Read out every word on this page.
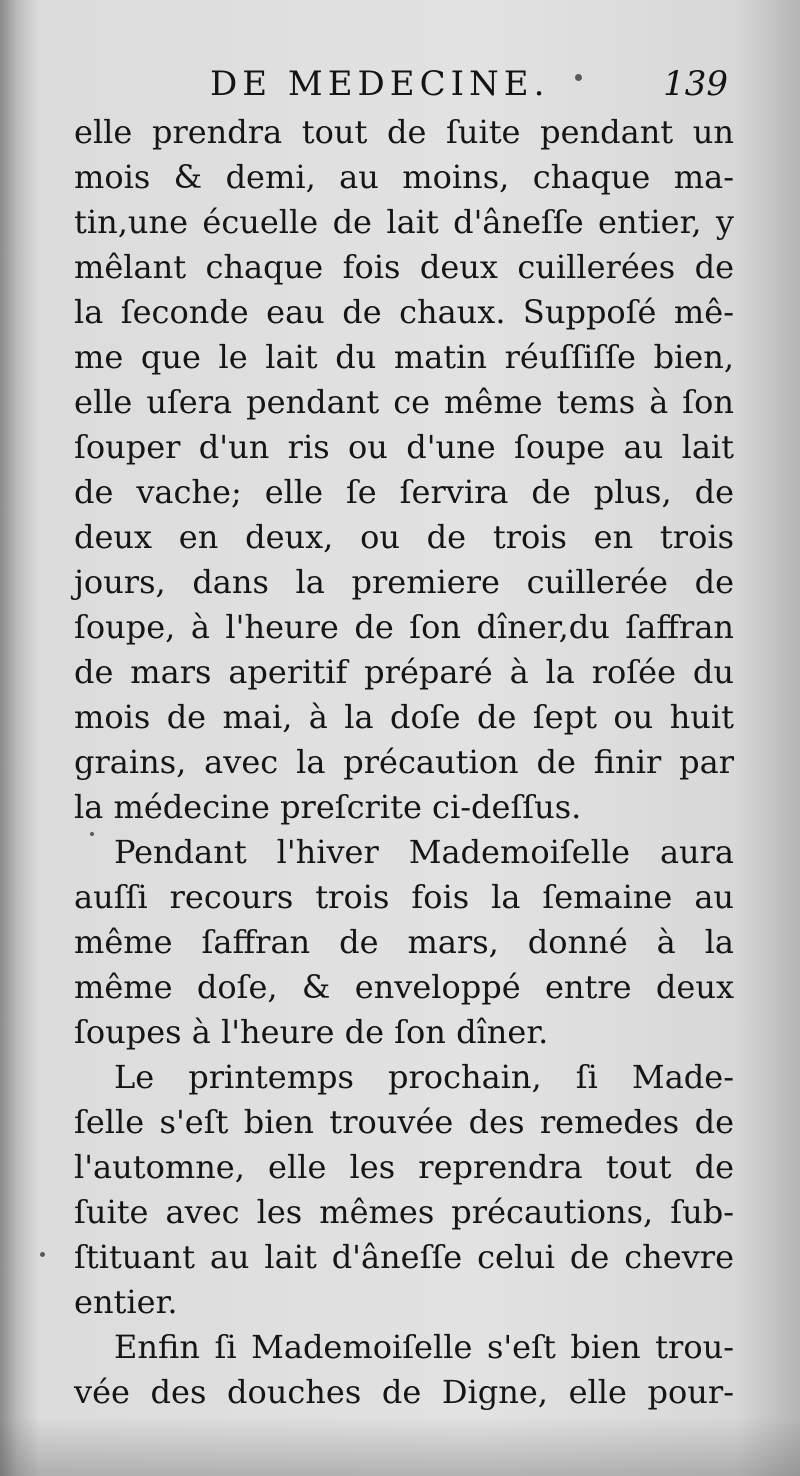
DE MEDECINE.	139
elle prendra tout de ſuite pendant un
mois & demi, au moins, chaque ma-
tin,une écuelle de lait d'âneſſe entier, y
mêlant chaque fois deux cuillerées de
la ſeconde eau de chaux. Suppoſé mê-
me que le lait du matin réuſſiſſe bien,
elle uſera pendant ce même tems à ſon
ſouper d'un ris ou d'une ſoupe au lait
de vache; elle ſe ſervira de plus, de
deux en deux, ou de trois en trois
jours, dans la premiere cuillerée de
ſoupe, à l'heure de ſon dîner,du ſaffran
de mars aperitif préparé à la roſée du
mois de mai, à la doſe de ſept ou huit
grains, avec la précaution de finir par
la médecine preſcrite ci-deſſus.
Pendant l'hiver Mademoiſelle aura
auſſi recours trois fois la ſemaine au
même ſaffran de mars, donné à la
même doſe, & enveloppé entre deux
ſoupes à l'heure de ſon dîner.
Le printemps prochain, ſi Made-
ſelle s'eſt bien trouvée des remedes de
l'automne, elle les reprendra tout de
ſuite avec les mêmes précautions, ſub-
ſtituant au lait d'âneſſe celui de chevre
entier.
Enfin ſi Mademoiſelle s'eſt bien trou-
vée des douches de Digne, elle pour-
